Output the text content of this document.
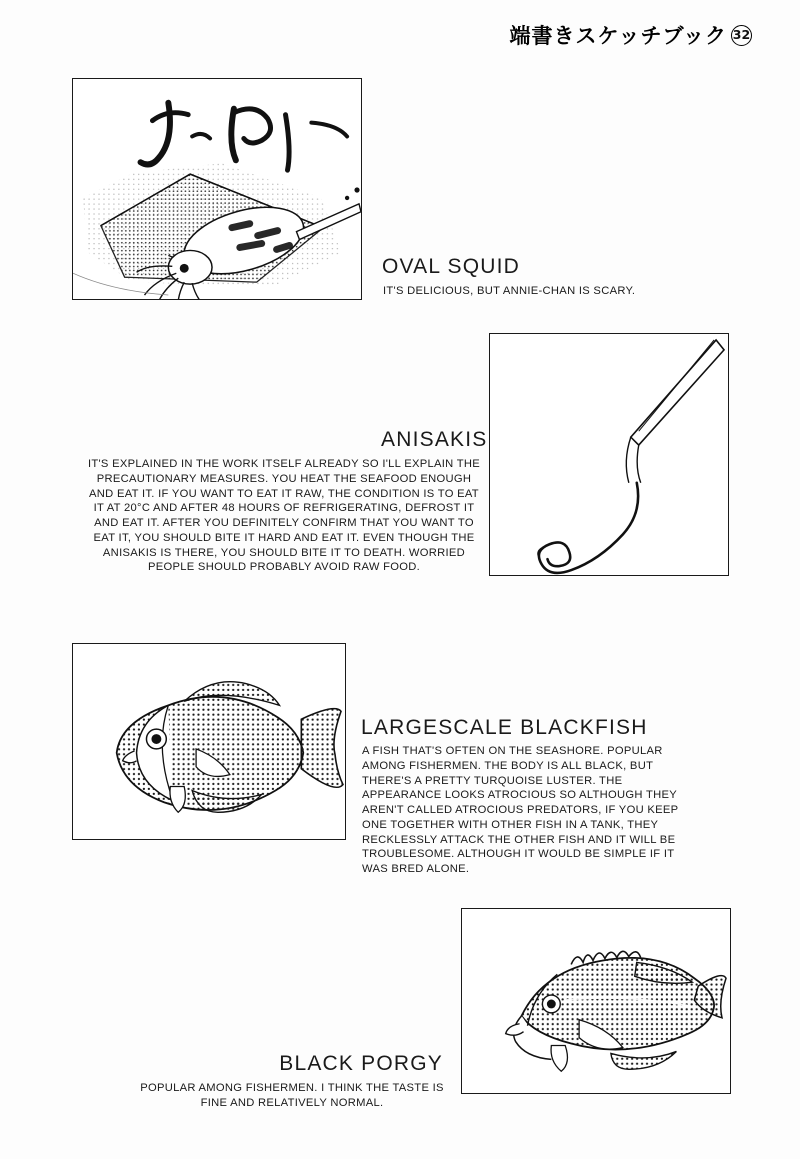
端書きスケッチブック 32
OVAL SQUID
IT'S DELICIOUS, BUT ANNIE-CHAN IS SCARY.
ANISAKIS
IT'S EXPLAINED IN THE WORK ITSELF ALREADY SO I'LL EXPLAIN THE PRECAUTIONARY MEASURES. YOU HEAT THE SEAFOOD ENOUGH AND EAT IT. IF YOU WANT TO EAT IT RAW, THE CONDITION IS TO EAT IT AT 20°C AND AFTER 48 HOURS OF REFRIGERATING, DEFROST IT AND EAT IT. AFTER YOU DEFINITELY CONFIRM THAT YOU WANT TO EAT IT, YOU SHOULD BITE IT HARD AND EAT IT. EVEN THOUGH THE ANISAKIS IS THERE, YOU SHOULD BITE IT TO DEATH. WORRIED PEOPLE SHOULD PROBABLY AVOID RAW FOOD.
LARGESCALE BLACKFISH
A FISH THAT'S OFTEN ON THE SEASHORE. POPULAR AMONG FISHERMEN. THE BODY IS ALL BLACK, BUT THERE'S A PRETTY TURQUOISE LUSTER. THE APPEARANCE LOOKS ATROCIOUS SO ALTHOUGH THEY AREN'T CALLED ATROCIOUS PREDATORS, IF YOU KEEP ONE TOGETHER WITH OTHER FISH IN A TANK, THEY RECKLESSLY ATTACK THE OTHER FISH AND IT WILL BE TROUBLESOME. ALTHOUGH IT WOULD BE SIMPLE IF IT WAS BRED ALONE.
BLACK PORGY
POPULAR AMONG FISHERMEN. I THINK THE TASTE IS FINE AND RELATIVELY NORMAL.
